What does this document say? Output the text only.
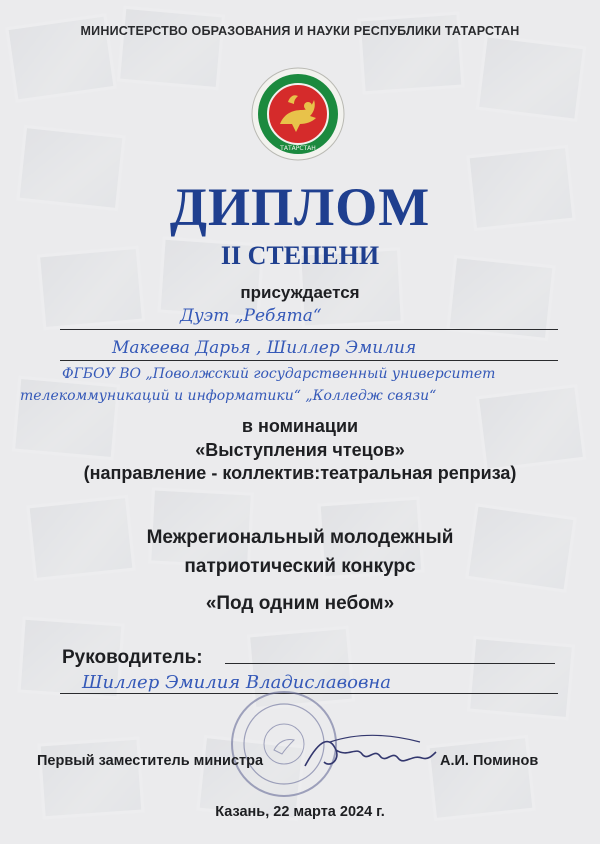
МИНИСТЕРСТВО ОБРАЗОВАНИЯ И НАУКИ РЕСПУБЛИКИ ТАТАРСТАН
ТАТАРСТАН
ДИПЛОМ
II СТЕПЕНИ
присуждается
Дуэт „Ребята“
Макеева Дарья , Шиллер Эмилия
ФГБОУ ВО „Поволжский государственный университет
телекоммуникаций и информатики“ „Колледж связи“
в номинации
«Выступления чтецов»
(направление - коллектив:театральная реприза)
Межрегиональный молодежный
патриотический конкурс
«Под одним небом»
Руководитель:
Шиллер Эмилия Владиславовна
Первый заместитель министра	А.И. Поминов
Казань, 22 марта 2024 г.
